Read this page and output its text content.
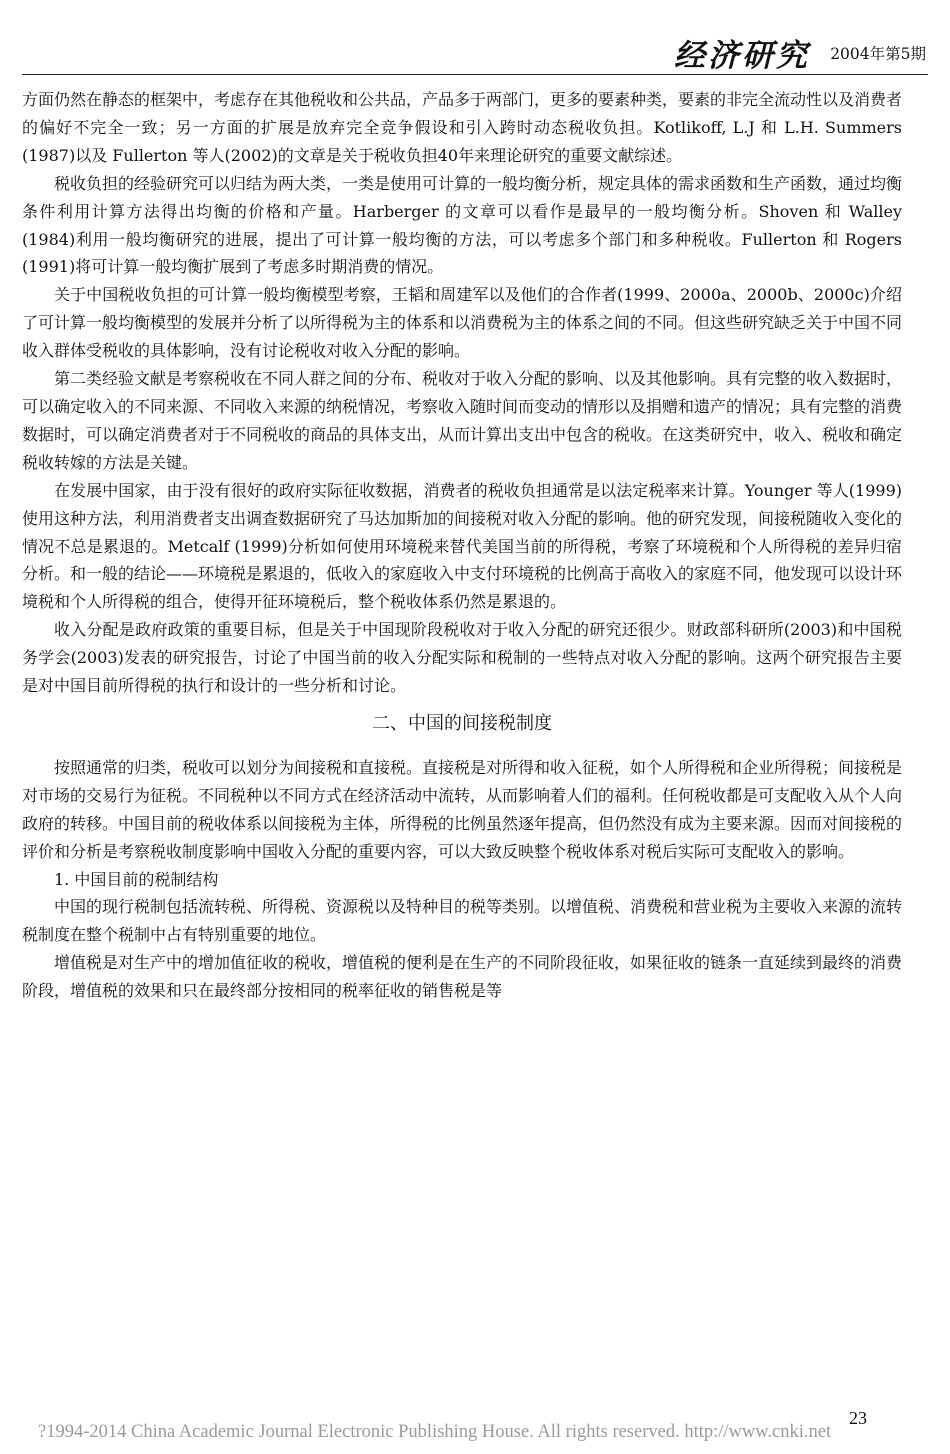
经济研究 2004年第5期

方面仍然在静态的框架中，考虑存在其他税收和公共品，产品多于两部门，更多的要素种类，要素的非完全流动性以及消费者的偏好不完全一致；另一方面的扩展是放弃完全竞争假设和引入跨时动态税收负担。Kotlikoff, L.J 和 L.H. Summers (1987)以及 Fullerton 等人(2002)的文章是关于税收负担40年来理论研究的重要文献综述。

税收负担的经验研究可以归结为两大类，一类是使用可计算的一般均衡分析，规定具体的需求函数和生产函数，通过均衡条件利用计算方法得出均衡的价格和产量。Harberger 的文章可以看作是最早的一般均衡分析。Shoven 和 Walley (1984)利用一般均衡研究的进展，提出了可计算一般均衡的方法，可以考虑多个部门和多种税收。Fullerton 和 Rogers (1991)将可计算一般均衡扩展到了考虑多时期消费的情况。

关于中国税收负担的可计算一般均衡模型考察，王韬和周建军以及他们的合作者(1999、2000a、2000b、2000c)介绍了可计算一般均衡模型的发展并分析了以所得税为主的体系和以消费税为主的体系之间的不同。但这些研究缺乏关于中国不同收入群体受税收的具体影响，没有讨论税收对收入分配的影响。

第二类经验文献是考察税收在不同人群之间的分布、税收对于收入分配的影响、以及其他影响。具有完整的收入数据时，可以确定收入的不同来源、不同收入来源的纳税情况，考察收入随时间而变动的情形以及捐赠和遗产的情况；具有完整的消费数据时，可以确定消费者对于不同税收的商品的具体支出，从而计算出支出中包含的税收。在这类研究中，收入、税收和确定税收转嫁的方法是关键。

在发展中国家，由于没有很好的政府实际征收数据，消费者的税收负担通常是以法定税率来计算。Younger 等人(1999)使用这种方法，利用消费者支出调查数据研究了马达加斯加的间接税对收入分配的影响。他的研究发现，间接税随收入变化的情况不总是累退的。Metcalf (1999)分析如何使用环境税来替代美国当前的所得税，考察了环境税和个人所得税的差异归宿分析。和一般的结论——环境税是累退的，低收入的家庭收入中支付环境税的比例高于高收入的家庭不同，他发现可以设计环境税和个人所得税的组合，使得开征环境税后，整个税收体系仍然是累退的。

收入分配是政府政策的重要目标，但是关于中国现阶段税收对于收入分配的研究还很少。财政部科研所(2003)和中国税务学会(2003)发表的研究报告，讨论了中国当前的收入分配实际和税制的一些特点对收入分配的影响。这两个研究报告主要是对中国目前所得税的执行和设计的一些分析和讨论。

二、中国的间接税制度

按照通常的归类，税收可以划分为间接税和直接税。直接税是对所得和收入征税，如个人所得税和企业所得税；间接税是对市场的交易行为征税。不同税种以不同方式在经济活动中流转，从而影响着人们的福利。任何税收都是可支配收入从个人向政府的转移。中国目前的税收体系以间接税为主体，所得税的比例虽然逐年提高，但仍然没有成为主要来源。因而对间接税的评价和分析是考察税收制度影响中国收入分配的重要内容，可以大致反映整个税收体系对税后实际可支配收入的影响。

1. 中国目前的税制结构

中国的现行税制包括流转税、所得税、资源税以及特种目的税等类别。以增值税、消费税和营业税为主要收入来源的流转税制度在整个税制中占有特别重要的地位。

增值税是对生产中的增加值征收的税收，增值税的便利是在生产的不同阶段征收，如果征收的链条一直延续到最终的消费阶段，增值税的效果和只在最终部分按相同的税率征收的销售税是等

23
?1994-2014 China Academic Journal Electronic Publishing House. All rights reserved. http://www.cnki.net
